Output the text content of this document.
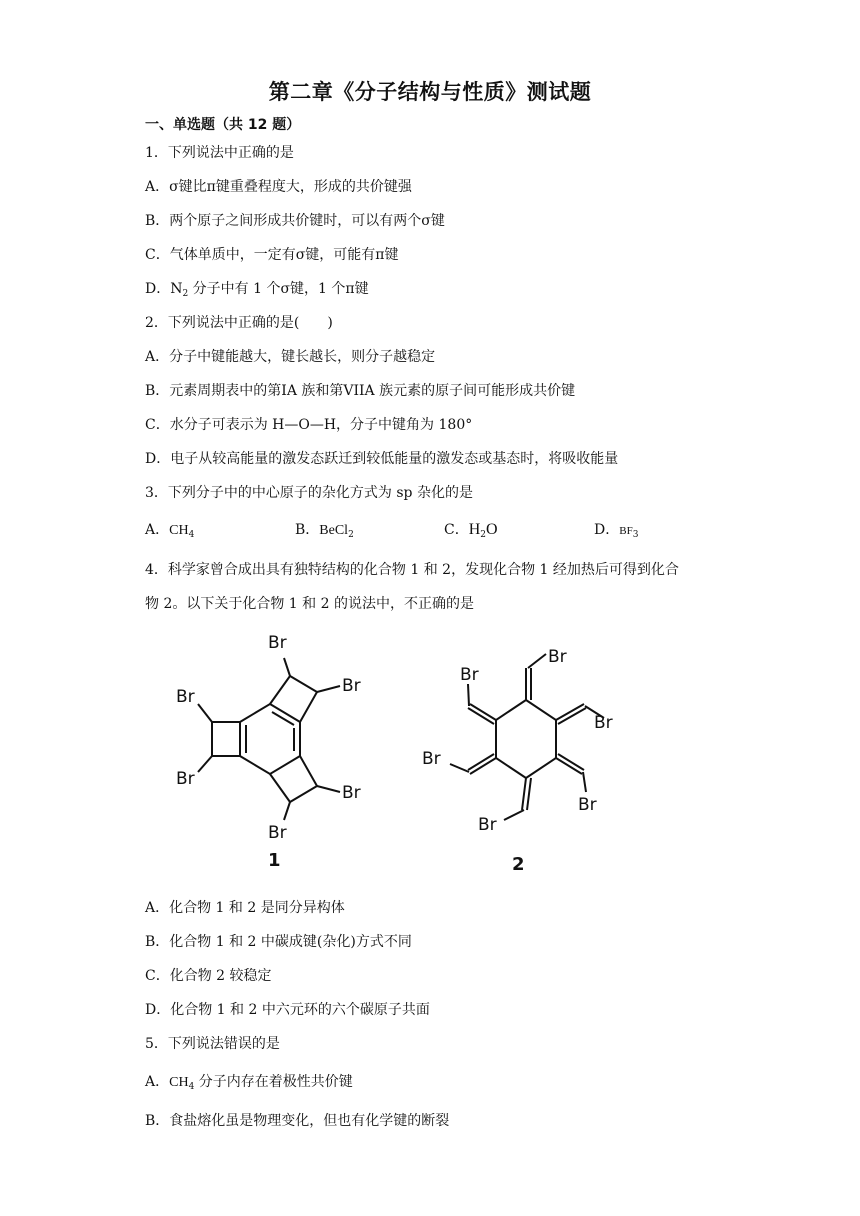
第二章《分子结构与性质》测试题
一、单选题（共 12 题）
1．下列说法中正确的是
A．σ键比π键重叠程度大，形成的共价键强
B．两个原子之间形成共价键时，可以有两个σ键
C．气体单质中，一定有σ键，可能有π键
D．$N_2$ 分子中有 1 个σ键，1 个π键
2．下列说法中正确的是(　　)
A．分子中键能越大，键长越长，则分子越稳定
B．元素周期表中的第IA 族和第VIIA 族元素的原子间可能形成共价键
C．水分子可表示为 H—O—H，分子中键角为 180°
D．电子从较高能量的激发态跃迁到较低能量的激发态或基态时，将吸收能量
3．下列分子中的中心原子的杂化方式为 sp 杂化的是
A．$CH_4$	B．BeCl$_2$	C．$H_2O$	D．$BF_3$
4．科学家曾合成出具有独特结构的化合物 1 和 2，发现化合物 1 经加热后可得到化合
物 2。以下关于化合物 1 和 2 的说法中，不正确的是
Br
Br
Br
Br
Br
Br
1
Br
Br
Br
Br
Br
Br
2
A．化合物 1 和 2 是同分异构体
B．化合物 1 和 2 中碳成键(杂化)方式不同
C．化合物 2 较稳定
D．化合物 1 和 2 中六元环的六个碳原子共面
5．下列说法错误的是
A．$CH_4$ 分子内存在着极性共价键
B．食盐熔化虽是物理变化，但也有化学键的断裂
